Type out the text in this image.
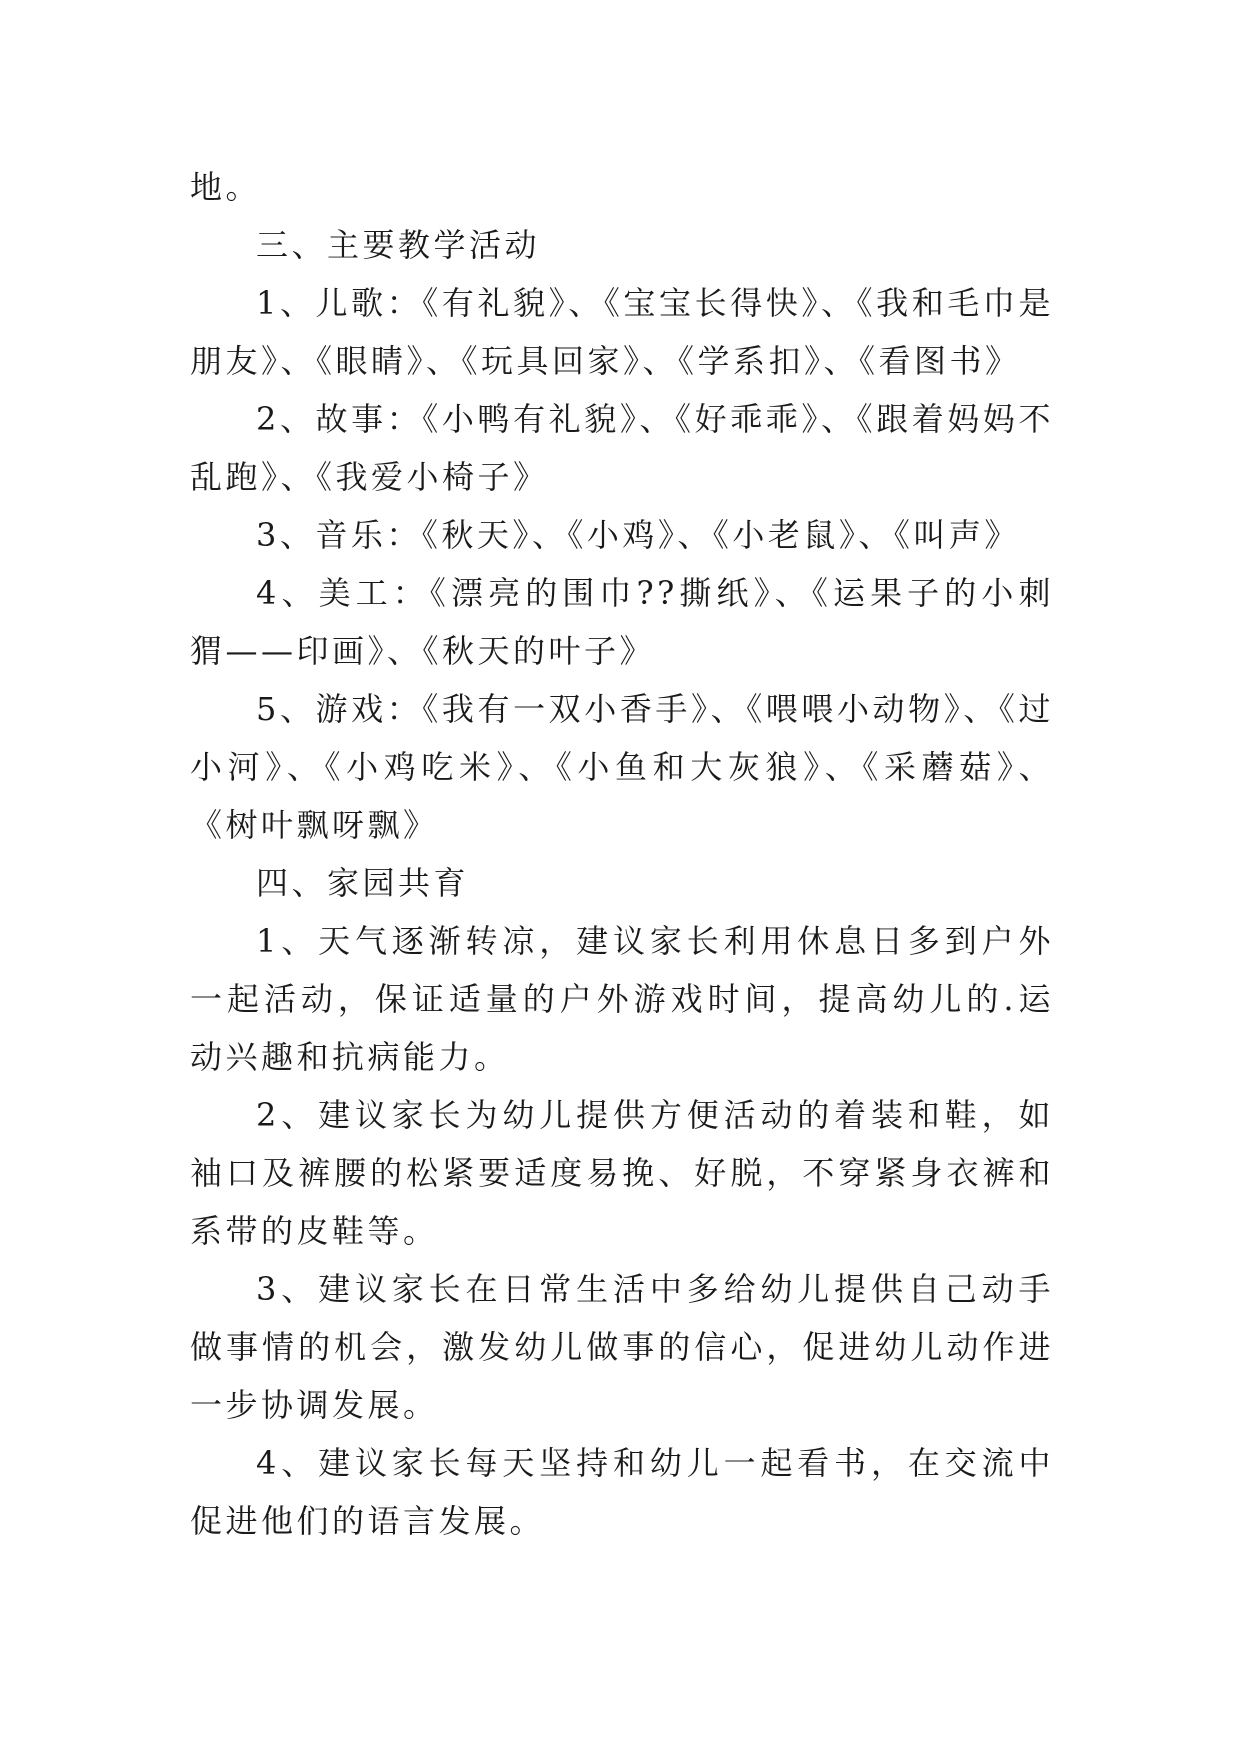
地。

三、主要教学活动

1、儿歌：《有礼貌》、《宝宝长得快》、《我和毛巾是朋友》、《眼睛》、《玩具回家》、《学系扣》、《看图书》

2、故事：《小鸭有礼貌》、《好乖乖》、《跟着妈妈不乱跑》、《我爱小椅子》

3、音乐：《秋天》、《小鸡》、《小老鼠》、《叫声》

4、美工：《漂亮的围巾??撕纸》、《运果子的小刺猬——印画》、《秋天的叶子》

5、游戏：《我有一双小香手》、《喂喂小动物》、《过小河》、《小鸡吃米》、《小鱼和大灰狼》、《采蘑菇》、《树叶飘呀飘》

四、家园共育

1、天气逐渐转凉，建议家长利用休息日多到户外一起活动，保证适量的户外游戏时间，提高幼儿的.运动兴趣和抗病能力。

2、建议家长为幼儿提供方便活动的着装和鞋，如袖口及裤腰的松紧要适度易挽、好脱，不穿紧身衣裤和系带的皮鞋等。

3、建议家长在日常生活中多给幼儿提供自己动手做事情的机会，激发幼儿做事的信心，促进幼儿动作进一步协调发展。

4、建议家长每天坚持和幼儿一起看书，在交流中促进他们的语言发展。
